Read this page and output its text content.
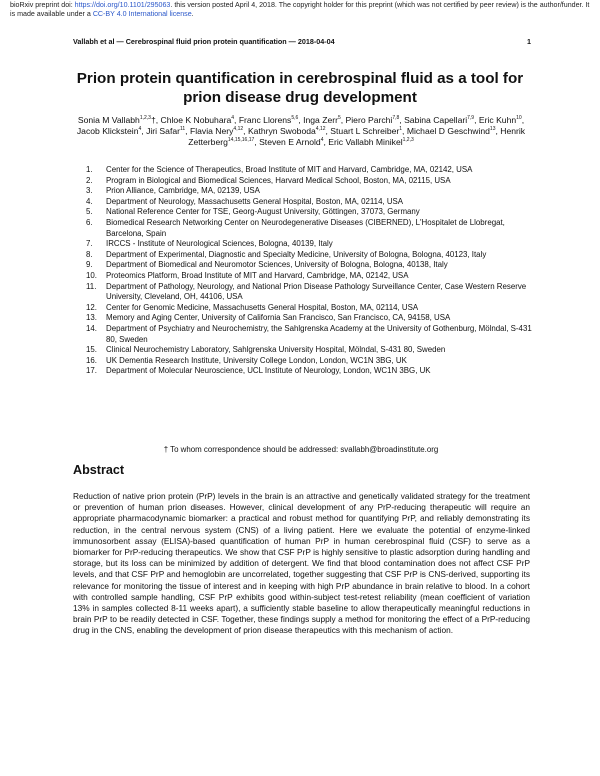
bioRxiv preprint doi: https://doi.org/10.1101/295063. this version posted April 4, 2018. The copyright holder for this preprint (which was not certified by peer review) is the author/funder. It is made available under a CC-BY 4.0 International license.
Vallabh et al — Cerebrospinal fluid prion protein quantification — 2018-04-04	1
Prion protein quantification in cerebrospinal fluid as a tool for prion disease drug development
Sonia M Vallabh$^{1,2,3}$†, Chloe K Nobuhara$^4$, Franc Llorens$^{5,6}$, Inga Zerr$^5$, Piero Parchi$^{7,8}$, Sabina Capellari$^{7,9}$, Eric Kuhn$^{10}$, Jacob Klickstein$^4$, Jiri Safar$^{11}$, Flavia Nery$^{4,12}$, Kathryn Swoboda$^{4,12}$, Stuart L Schreiber$^1$, Michael D Geschwind$^{13}$, Henrik Zetterberg$^{14,15,16,17}$, Steven E Arnold$^4$, Eric Vallabh Minikel$^{1,2,3}$
1. Center for the Science of Therapeutics, Broad Institute of MIT and Harvard, Cambridge, MA, 02142, USA
2. Program in Biological and Biomedical Sciences, Harvard Medical School, Boston, MA, 02115, USA
3. Prion Alliance, Cambridge, MA, 02139, USA
4. Department of Neurology, Massachusetts General Hospital, Boston, MA, 02114, USA
5. National Reference Center for TSE, Georg-August University, Göttingen, 37073, Germany
6. Biomedical Research Networking Center on Neurodegenerative Diseases (CIBERNED), L'Hospitalet de Llobregat, Barcelona, Spain
7. IRCCS - Institute of Neurological Sciences, Bologna, 40139, Italy
8. Department of Experimental, Diagnostic and Specialty Medicine, University of Bologna, Bologna, 40123, Italy
9. Department of Biomedical and Neuromotor Sciences, University of Bologna, Bologna, 40138, Italy
10. Proteomics Platform, Broad Institute of MIT and Harvard, Cambridge, MA, 02142, USA
11. Department of Pathology, Neurology, and National Prion Disease Pathology Surveillance Center, Case Western Reserve University, Cleveland, OH, 44106, USA
12. Center for Genomic Medicine, Massachusetts General Hospital, Boston, MA, 02114, USA
13. Memory and Aging Center, University of California San Francisco, San Francisco, CA, 94158, USA
14. Department of Psychiatry and Neurochemistry, the Sahlgrenska Academy at the University of Gothenburg, Mölndal, S-431 80, Sweden
15. Clinical Neurochemistry Laboratory, Sahlgrenska University Hospital, Mölndal, S-431 80, Sweden
16. UK Dementia Research Institute, University College London, London, WC1N 3BG, UK
17. Department of Molecular Neuroscience, UCL Institute of Neurology, London, WC1N 3BG, UK
† To whom correspondence should be addressed: svallabh@broadinstitute.org
Abstract

Reduction of native prion protein (PrP) levels in the brain is an attractive and genetically validated strategy for the treatment or prevention of human prion diseases. However, clinical development of any PrP-reducing therapeutic will require an appropriate pharmacodynamic biomarker: a practical and robust method for quantifying PrP, and reliably demonstrating its reduction, in the central nervous system (CNS) of a living patient. Here we evaluate the potential of enzyme-linked immunosorbent assay (ELISA)-based quantification of human PrP in human cerebrospinal fluid (CSF) to serve as a biomarker for PrP-reducing therapeutics. We show that CSF PrP is highly sensitive to plastic adsorption during handling and storage, but its loss can be minimized by addition of detergent. We find that blood contamination does not affect CSF PrP levels, and that CSF PrP and hemoglobin are uncorrelated, together suggesting that CSF PrP is CNS-derived, supporting its relevance for monitoring the tissue of interest and in keeping with high PrP abundance in brain relative to blood. In a cohort with controlled sample handling, CSF PrP exhibits good within-subject test-retest reliability (mean coefficient of variation 13% in samples collected 8-11 weeks apart), a sufficiently stable baseline to allow therapeutically meaningful reductions in brain PrP to be readily detected in CSF. Together, these findings supply a method for monitoring the effect of a PrP-reducing drug in the CNS, enabling the development of prion disease therapeutics with this mechanism of action.
